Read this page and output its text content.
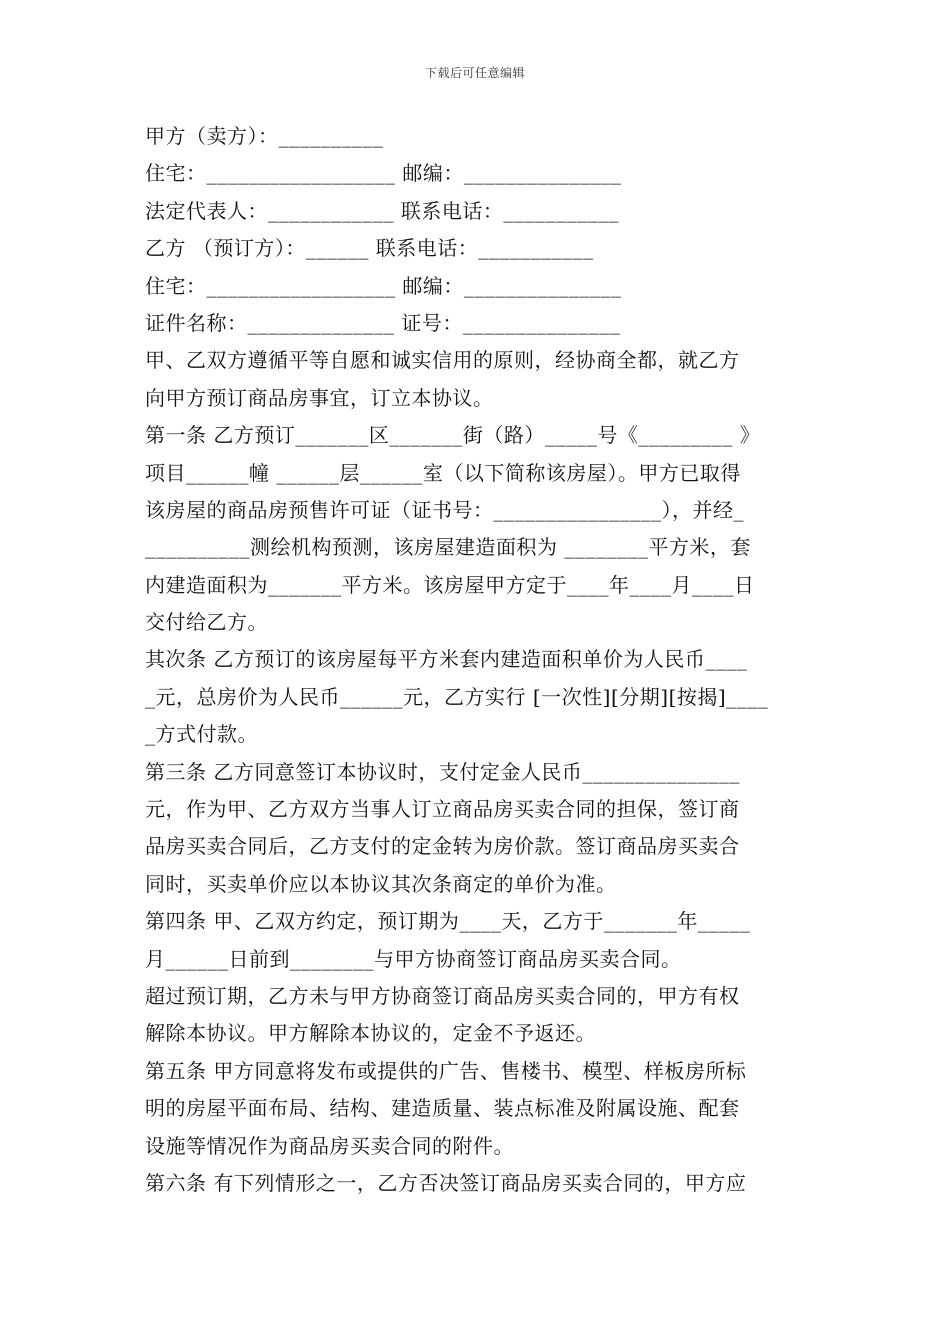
下载后可任意编辑
甲方（卖方）：__________
住宅：__________________ 邮编：_______________
法定代表人：____________ 联系电话：___________
乙方 （预订方）：______ 联系电话：___________
住宅：__________________ 邮编：_______________
证件名称：______________ 证号：_______________
甲、乙双方遵循平等自愿和诚实信用的原则，经协商全都，就乙方
向甲方预订商品房事宜，订立本协议。
第一条 乙方预订_______区_______街（路）_____号《_________ 》
项目______幢 ______层______室（以下简称该房屋）。甲方已取得
该房屋的商品房预售许可证（证书号：________________），并经_
__________测绘机构预测，该房屋建造面积为 ________平方米，套
内建造面积为_______平方米。该房屋甲方定于____年____月____日
交付给乙方。
其次条 乙方预订的该房屋每平方米套内建造面积单价为人民币____
_元，总房价为人民币______元，乙方实行 [一次性][分期][按揭]____
_方式付款。
第三条 乙方同意签订本协议时，支付定金人民币_______________
元，作为甲、乙方双方当事人订立商品房买卖合同的担保，签订商
品房买卖合同后，乙方支付的定金转为房价款。签订商品房买卖合
同时，买卖单价应以本协议其次条商定的单价为准。
第四条 甲、乙双方约定，预订期为____天，乙方于_______年_____
月______日前到________与甲方协商签订商品房买卖合同。
超过预订期，乙方未与甲方协商签订商品房买卖合同的，甲方有权
解除本协议。甲方解除本协议的，定金不予返还。
第五条 甲方同意将发布或提供的广告、售楼书、模型、样板房所标
明的房屋平面布局、结构、建造质量、装点标准及附属设施、配套
设施等情况作为商品房买卖合同的附件。
第六条 有下列情形之一，乙方否决签订商品房买卖合同的，甲方应
